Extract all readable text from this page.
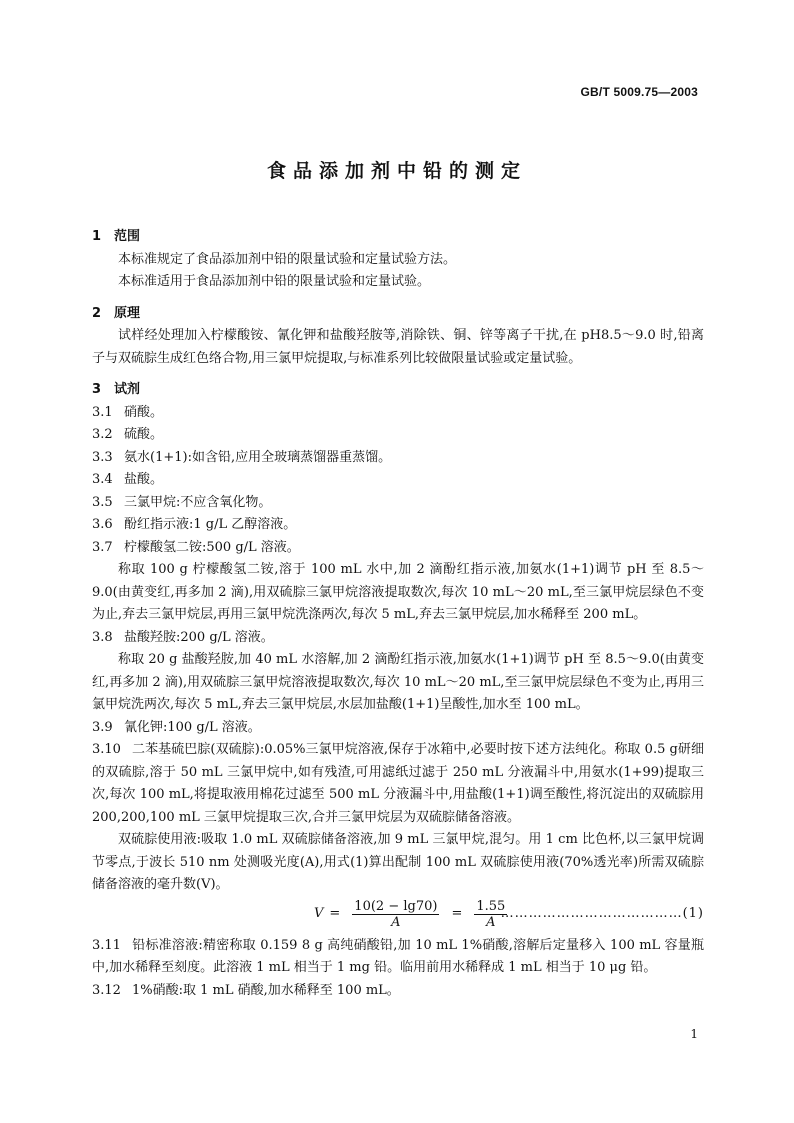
GB/T 5009.75—2003
食品添加剂中铅的测定

1　范围

本标准规定了食品添加剂中铅的限量试验和定量试验方法。

本标准适用于食品添加剂中铅的限量试验和定量试验。

2　原理

试样经处理加入柠檬酸铵、氰化钾和盐酸羟胺等,消除铁、铜、锌等离子干扰,在 pH8.5～9.0 时,铅离子与双硫腙生成红色络合物,用三氯甲烷提取,与标准系列比较做限量试验或定量试验。

3　试剂

3.1 硝酸。

3.2 硫酸。

3.3 氨水(1+1):如含铅,应用全玻璃蒸馏器重蒸馏。

3.4 盐酸。

3.5 三氯甲烷:不应含氧化物。

3.6 酚红指示液:1 g/L 乙醇溶液。

3.7 柠檬酸氢二铵:500 g/L 溶液。

称取 100 g 柠檬酸氢二铵,溶于 100 mL 水中,加 2 滴酚红指示液,加氨水(1+1)调节 pH 至 8.5～9.0(由黄变红,再多加 2 滴),用双硫腙三氯甲烷溶液提取数次,每次 10 mL～20 mL,至三氯甲烷层绿色不变为止,弃去三氯甲烷层,再用三氯甲烷洗涤两次,每次 5 mL,弃去三氯甲烷层,加水稀释至 200 mL。

3.8 盐酸羟胺:200 g/L 溶液。

称取 20 g 盐酸羟胺,加 40 mL 水溶解,加 2 滴酚红指示液,加氨水(1+1)调节 pH 至 8.5～9.0(由黄变红,再多加 2 滴),用双硫腙三氯甲烷溶液提取数次,每次 10 mL～20 mL,至三氯甲烷层绿色不变为止,再用三氯甲烷洗两次,每次 5 mL,弃去三氯甲烷层,水层加盐酸(1+1)呈酸性,加水至 100 mL。

3.9 氰化钾:100 g/L 溶液。

3.10 二苯基硫巴腙(双硫腙):0.05%三氯甲烷溶液,保存于冰箱中,必要时按下述方法纯化。称取 0.5 g研细的双硫腙,溶于 50 mL 三氯甲烷中,如有残渣,可用滤纸过滤于 250 mL 分液漏斗中,用氨水(1+99)提取三次,每次 100 mL,将提取液用棉花过滤至 500 mL 分液漏斗中,用盐酸(1+1)调至酸性,将沉淀出的双硫腙用 200,200,100 mL 三氯甲烷提取三次,合并三氯甲烷层为双硫腙储备溶液。

双硫腙使用液:吸取 1.0 mL 双硫腙储备溶液,加 9 mL 三氯甲烷,混匀。用 1 cm 比色杯,以三氯甲烷调节零点,于波长 510 nm 处测吸光度(A),用式(1)算出配制 100 mL 双硫腙使用液(70%透光率)所需双硫腙储备溶液的毫升数(V)。

$V = \frac{10(2 - \lg 70)}{A} = \frac{1.55}{A}$
…………………………………(1)

3.11 铅标准溶液:精密称取 0.159 8 g 高纯硝酸铅,加 10 mL 1%硝酸,溶解后定量移入 100 mL 容量瓶中,加水稀释至刻度。此溶液 1 mL 相当于 1 mg 铅。临用前用水稀释成 1 mL 相当于 10 μg 铅。

3.12 1%硝酸:取 1 mL 硝酸,加水稀释至 100 mL。

1
